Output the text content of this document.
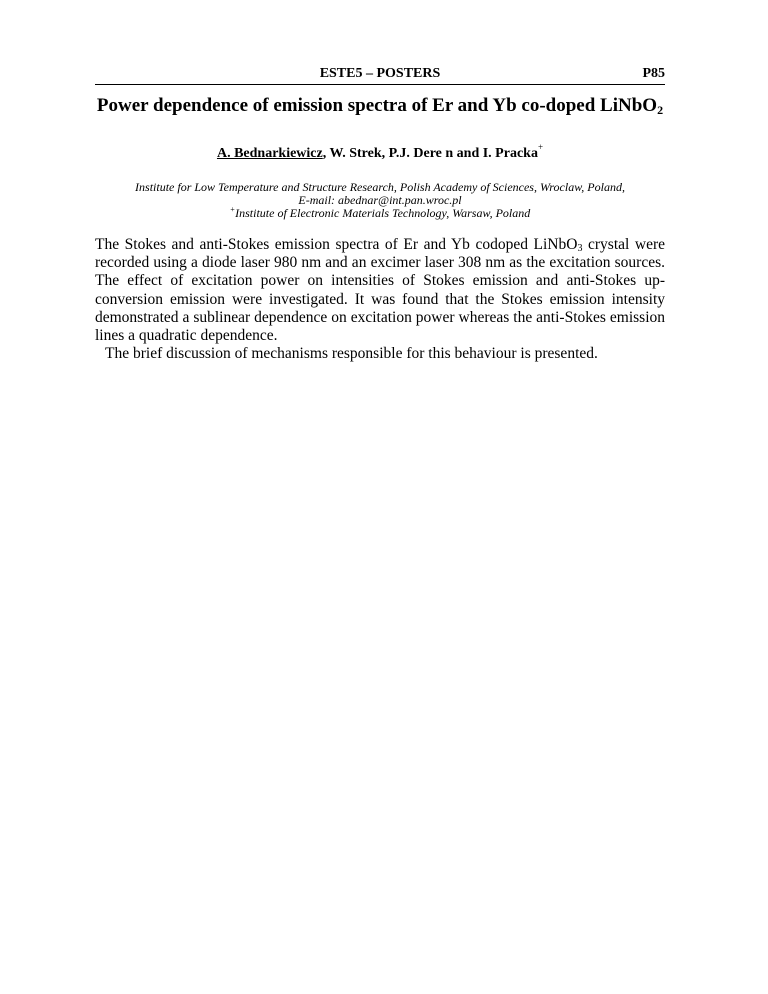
ESTE5 – POSTERS	P85
Power dependence of emission spectra of Er and Yb co-doped LiNbO$_2$
A. Bednarkiewicz, W. Strek, P.J. Dere n and I. Pracka+
Institute for Low Temperature and Structure Research, Polish Academy of Sciences, Wroclaw, Poland,
E-mail: abednar@int.pan.wroc.pl
+Institute of Electronic Materials Technology, Warsaw, Poland

The Stokes and anti-Stokes emission spectra of Er and Yb codoped LiNbO$_3$ crystal were recorded using a diode laser 980 nm and an excimer laser 308 nm as the excitation sources. The effect of excitation power on intensities of Stokes emission and anti-Stokes up-conversion emission were investigated. It was found that the Stokes emission intensity demonstrated a sublinear dependence on excitation power whereas the anti-Stokes emission lines a quadratic dependence.

The brief discussion of mechanisms responsible for this behaviour is presented.
